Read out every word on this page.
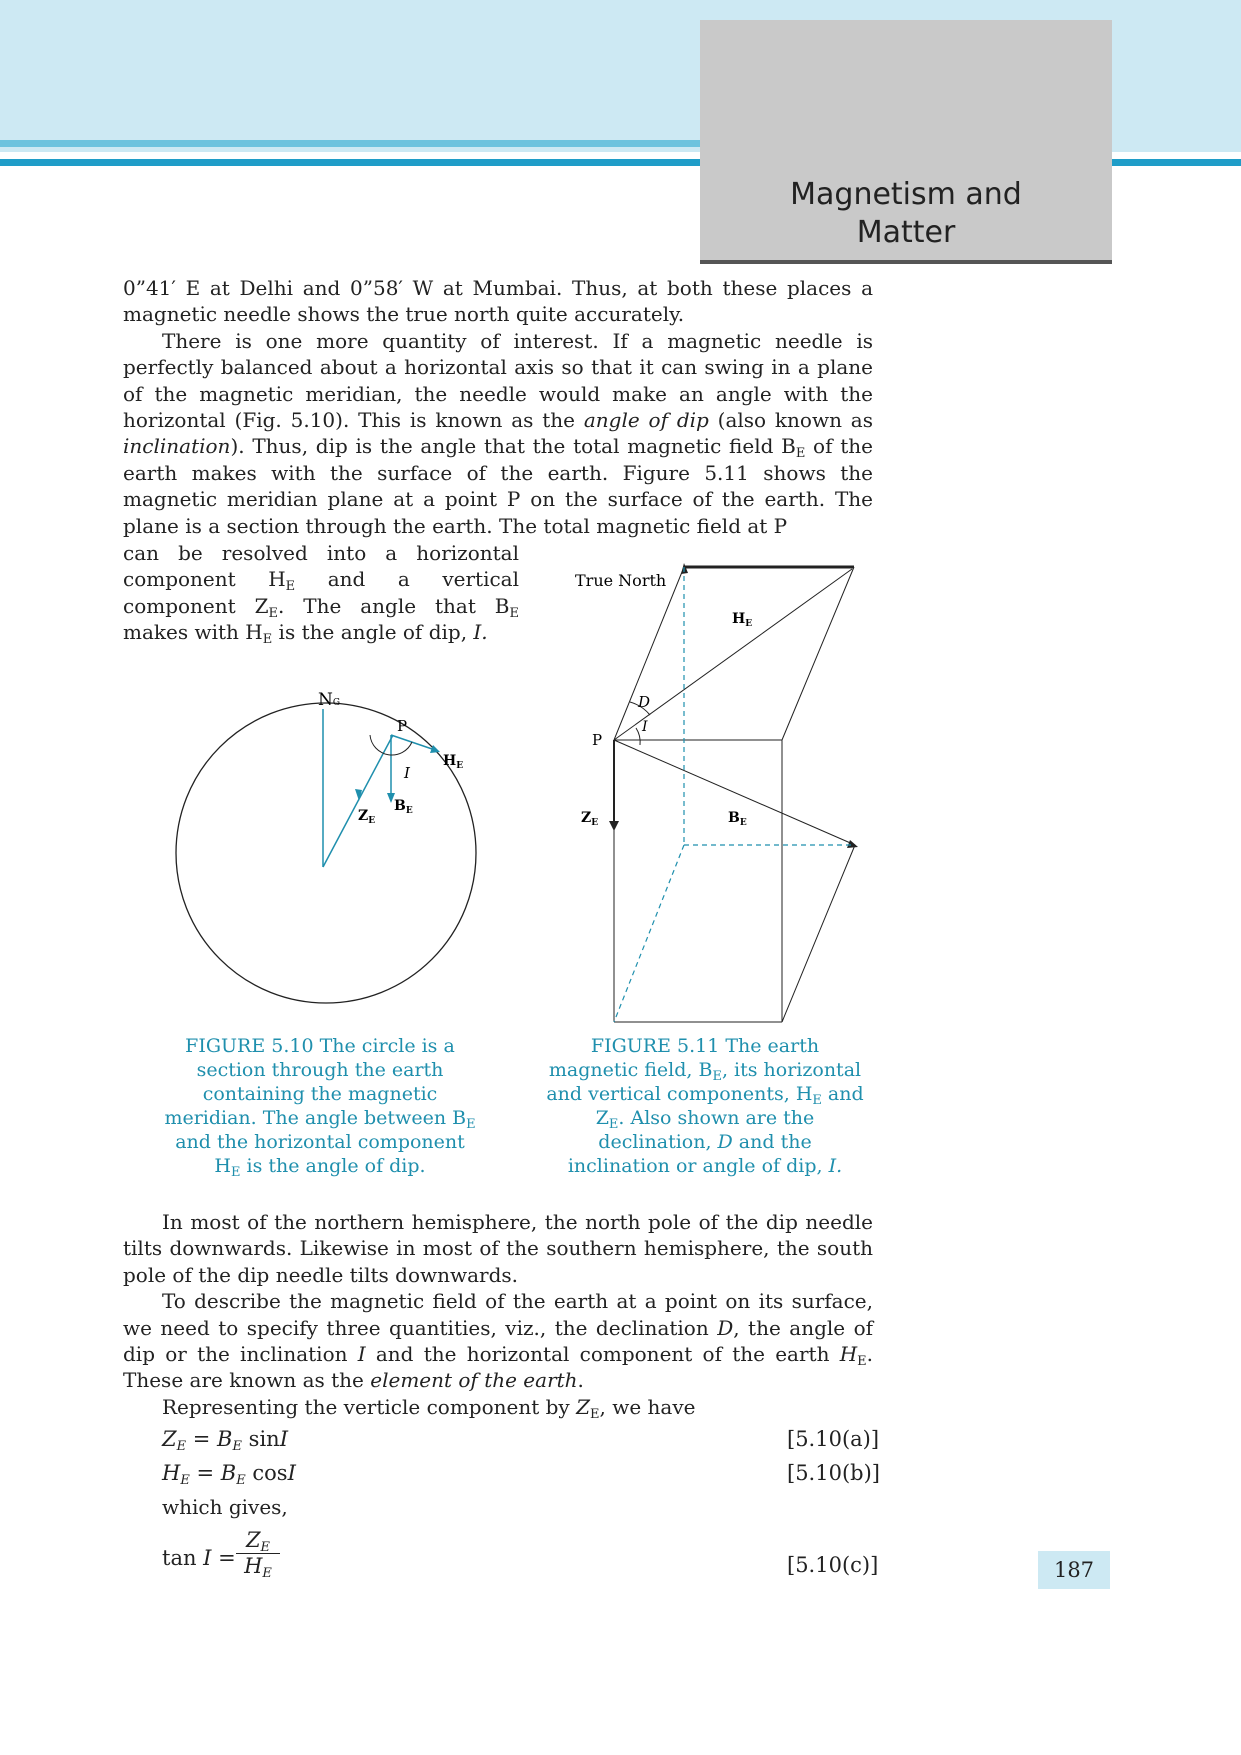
Magnetism and
Matter

0”41′ E at Delhi and 0”58′ W at Mumbai. Thus, at both these places a magnetic needle shows the true north quite accurately.

There is one more quantity of interest. If a magnetic needle is perfectly balanced about a horizontal axis so that it can swing in a plane of the magnetic meridian, the needle would make an angle with the horizontal (Fig. 5.10). This is known as the angle of dip (also known as inclination). Thus, dip is the angle that the total magnetic field $B_E$ of the earth makes with the surface of the earth. Figure 5.11 shows the magnetic meridian plane at a point P on the surface of the earth. The plane is a section through the earth. The total magnetic field at P

can be resolved into a horizontal component $H_E$ and a vertical component $Z_E$. The angle that $B_E$ makes with $H_E$ is the angle of dip, I.

NG
P
I
$H_E$
$Z_E$
$B_E$
True North
P
D
I
$H_E$
$Z_E$	$B_E$
FIGURE 5.10 The circle is a
section through the earth
containing the magnetic
meridian. The angle between $B_E$
and the horizontal component
$H_E$ is the angle of dip.
FIGURE 5.11 The earth
magnetic field, $B_E$, its horizontal
and vertical components, $H_E$ and
$Z_E$. Also shown are the
declination, D and the
inclination or angle of dip, I.

In most of the northern hemisphere, the north pole of the dip needle tilts downwards. Likewise in most of the southern hemisphere, the south pole of the dip needle tilts downwards.

To describe the magnetic field of the earth at a point on its surface, we need to specify three quantities, viz., the declination D, the angle of dip or the inclination I and the horizontal component of the earth $H_E$. These are known as the element of the earth.

Representing the verticle component by $Z_E$, we have

$Z_E = B_E$ sinI	[5.10(a)]
$H_E = B_E$ cosI	[5.10(b)]
which gives,
$\tan I = \frac{Z_E}{H_E}$	[5.10(c)]	187
